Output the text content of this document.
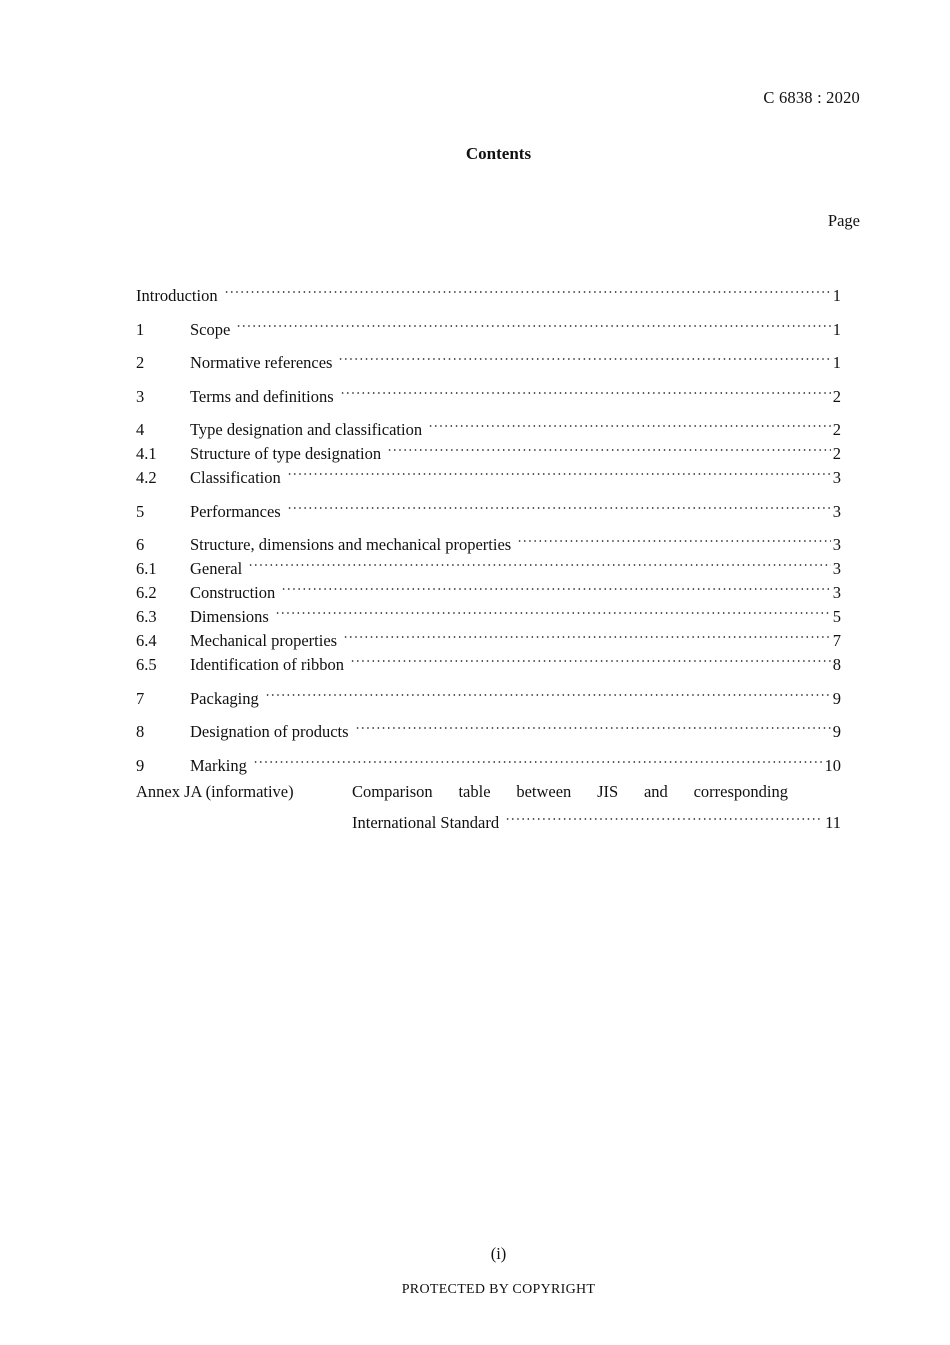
C 6838 : 2020
Contents
Page
Introduction	1
1	Scope	1
2	Normative references	1
3	Terms and definitions	2
4	Type designation and classification	2
4.1	Structure of type designation	2
4.2	Classification	3
5	Performances	3
6	Structure, dimensions and mechanical properties	3
6.1	General	3
6.2	Construction	3
6.3	Dimensions	5
6.4	Mechanical properties	7
6.5	Identification of ribbon	8
7	Packaging	9
8	Designation of products	9
9	Marking	10
Annex JA (informative)	Comparison table between JIS and corresponding
International Standard	11
(i)
PROTECTED BY COPYRIGHT
